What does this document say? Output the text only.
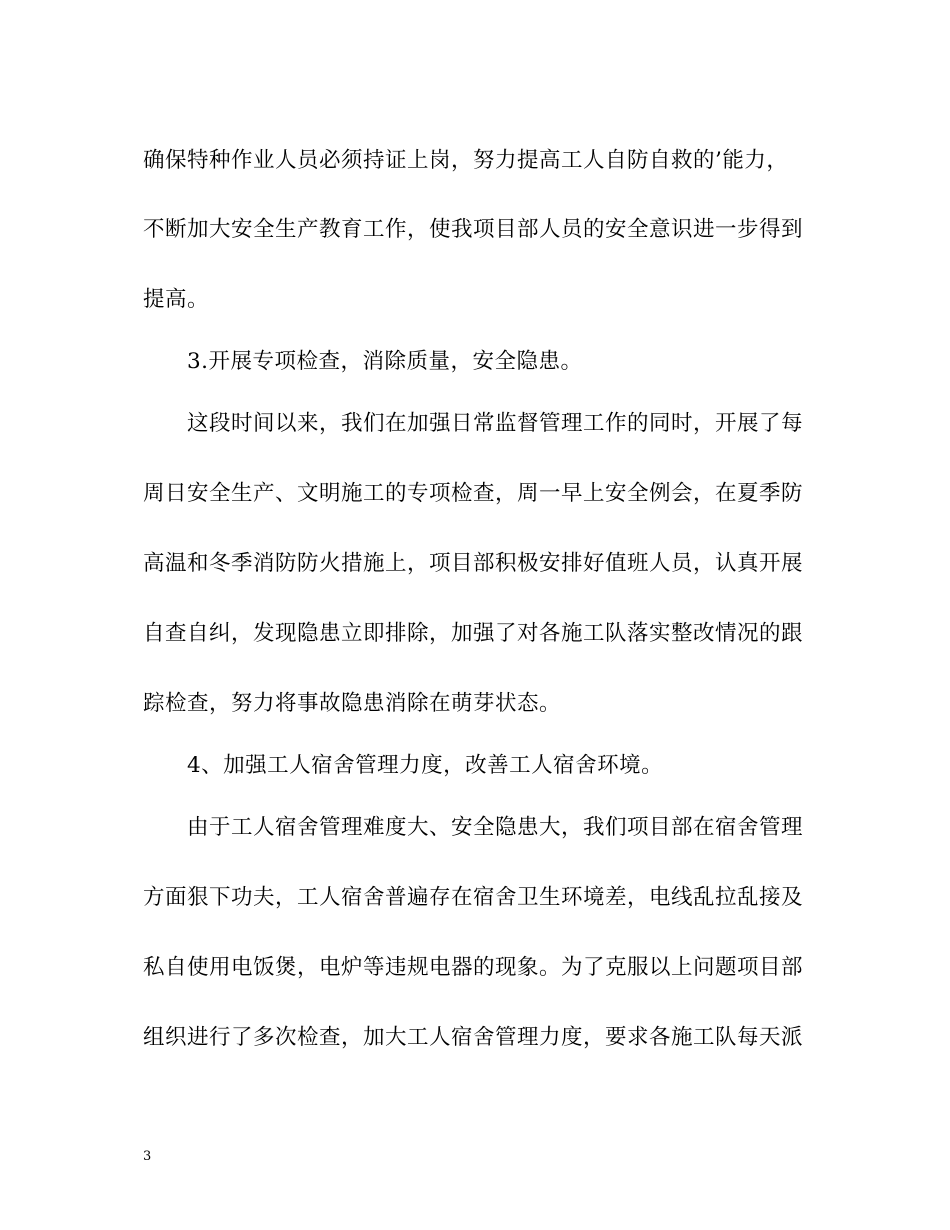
确保特种作业人员必须持证上岗，努力提高工人自防自救的’能力，
不断加大安全生产教育工作，使我项目部人员的安全意识进一步得到
提高。
　　3.开展专项检查，消除质量，安全隐患。
　　这段时间以来，我们在加强日常监督管理工作的同时，开展了每
周日安全生产、文明施工的专项检查，周一早上安全例会，在夏季防
高温和冬季消防防火措施上，项目部积极安排好值班人员，认真开展
自查自纠，发现隐患立即排除，加强了对各施工队落实整改情况的跟
踪检查，努力将事故隐患消除在萌芽状态。
　　4、加强工人宿舍管理力度，改善工人宿舍环境。
　　由于工人宿舍管理难度大、安全隐患大，我们项目部在宿舍管理
方面狠下功夫，工人宿舍普遍存在宿舍卫生环境差，电线乱拉乱接及
私自使用电饭煲，电炉等违规电器的现象。为了克服以上问题项目部
组织进行了多次检查，加大工人宿舍管理力度，要求各施工队每天派
3
